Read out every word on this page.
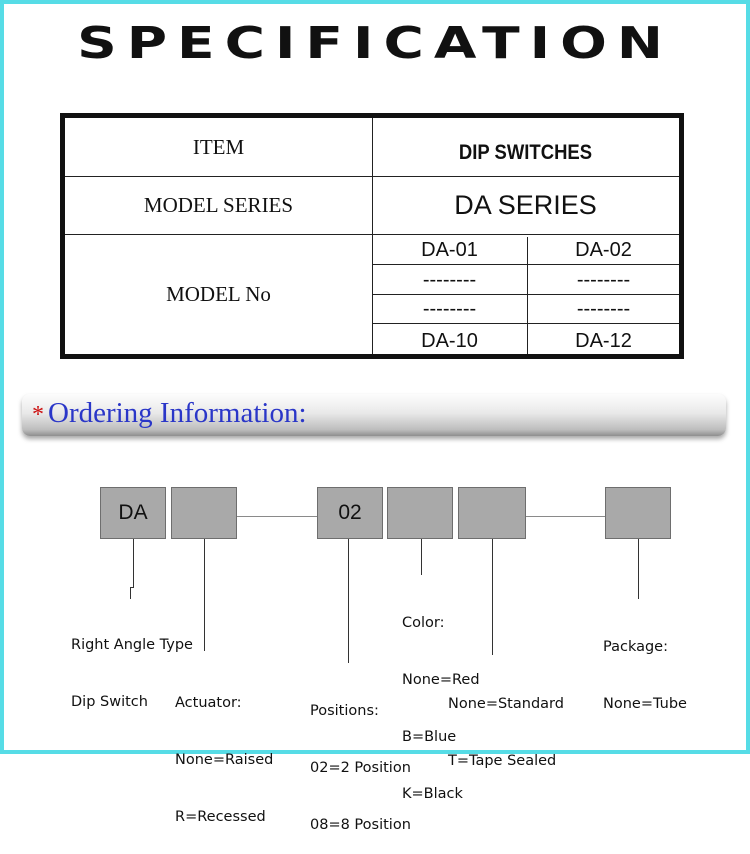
SPECIFICATION
ITEM	DIP SWITCHES
MODEL SERIES	DA SERIES
MODEL No
DA-01	DA-02
--------	--------
--------	--------
DA-10	DA-12
* Ordering Information:
DA	02

Right Angle Type

Dip Switch

	Actuator:

None=Raised

R=Recessed

Positions:

02=2 Position

08=8 Position

Color:

None=Red

B=Blue

K=Black

None=Standard

T=Tape Sealed

Package:

None=Tube
